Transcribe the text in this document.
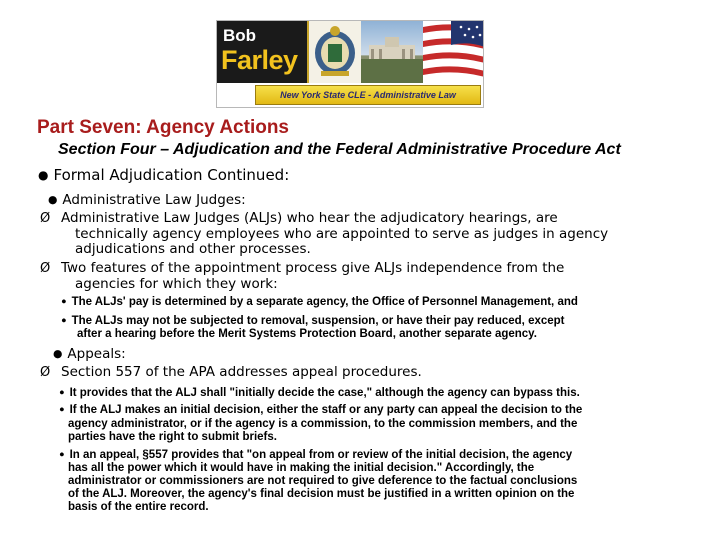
Bob
Farley
New York State CLE - Administrative Law
Part Seven: Agency Actions
Section Four – Adjudication and the Federal Administrative Procedure Act

● Formal Adjudication Continued:

● Administrative Law Judges:

Ø Administrative Law Judges (ALJs) who hear the adjudicatory hearings, are

technically agency employees who are appointed to serve as judges in agency

adjudications and other processes.

Ø Two features of the appointment process give ALJs independence from the

agencies for which they work:

● The ALJs' pay is determined by a separate agency, the Office of Personnel Management, and

● The ALJs may not be subjected to removal, suspension, or have their pay reduced, except

after a hearing before the Merit Systems Protection Board, another separate agency.

● Appeals:

Ø Section 557 of the APA addresses appeal procedures.

● It provides that the ALJ shall "initially decide the case," although the agency can bypass this.

● If the ALJ makes an initial decision, either the staff or any party can appeal the decision to the

agency administrator, or if the agency is a commission, to the commission members, and the

parties have the right to submit briefs.

● In an appeal, §557 provides that "on appeal from or review of the initial decision, the agency

has all the power which it would have in making the initial decision." Accordingly, the

administrator or commissioners are not required to give deference to the factual conclusions

of the ALJ. Moreover, the agency's final decision must be justified in a written opinion on the

basis of the entire record.
